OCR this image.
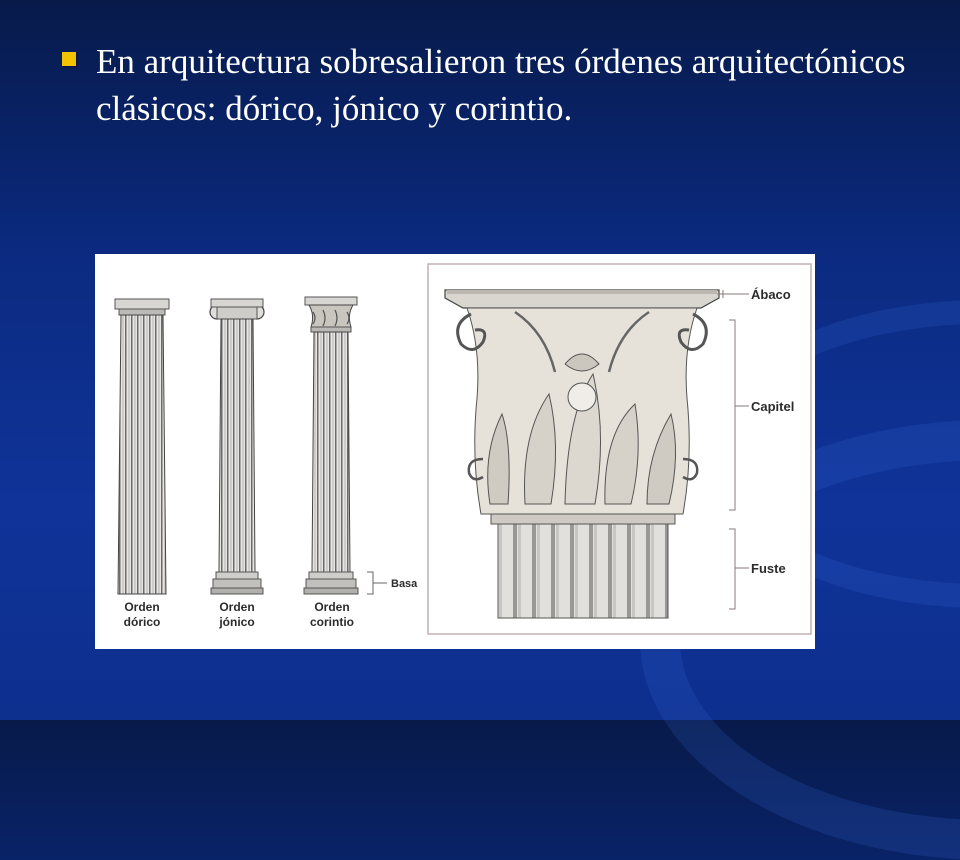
En arquitectura sobresalieron tres órdenes arquitectónicos clásicos: dórico, jónico y corintio.
Basa
Orden
dórico
Orden
jónico
Orden
corintio
Ábaco
Capitel
Fuste
